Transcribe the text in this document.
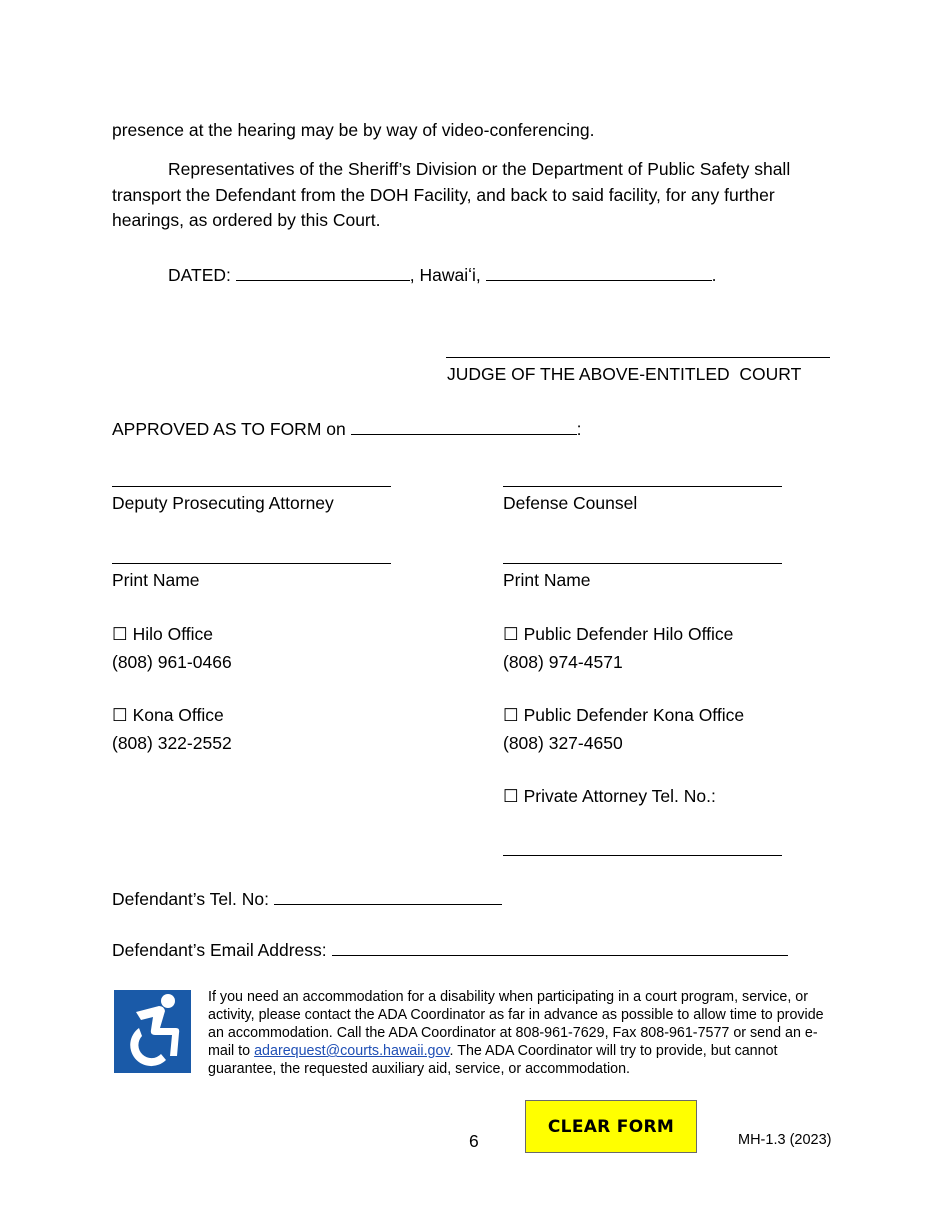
presence at the hearing may be by way of video-conferencing.
Representatives of the Sheriff’s Division or the Department of Public Safety shall
transport the Defendant from the DOH Facility, and back to said facility, for any further
hearings, as ordered by this Court.
DATED:	, Hawaiʻi,	.
JUDGE OF THE ABOVE-ENTITLED  COURT
APPROVED AS TO FORM on	:
Deputy Prosecuting Attorney	Defense Counsel
Print Name	Print Name
☐ Hilo Office
(808) 961-0466
☐ Kona Office
(808) 322-2552
☐ Public Defender Hilo Office
(808) 974-4571
☐ Public Defender Kona Office
(808) 327-4650
☐ Private Attorney Tel. No.:
Defendant’s Tel. No:
Defendant’s Email Address:
If you need an accommodation for a disability when participating in a court program, service, or activity, please contact the ADA Coordinator as far in advance as possible to allow time to provide an accommodation. Call the ADA Coordinator at 808-961-7629, Fax 808-961-7577 or send an e-mail to adarequest@courts.hawaii.gov. The ADA Coordinator will try to provide, but cannot guarantee, the requested auxiliary aid, service, or accommodation.
6
CLEAR FORM
MH-1.3 (2023)
